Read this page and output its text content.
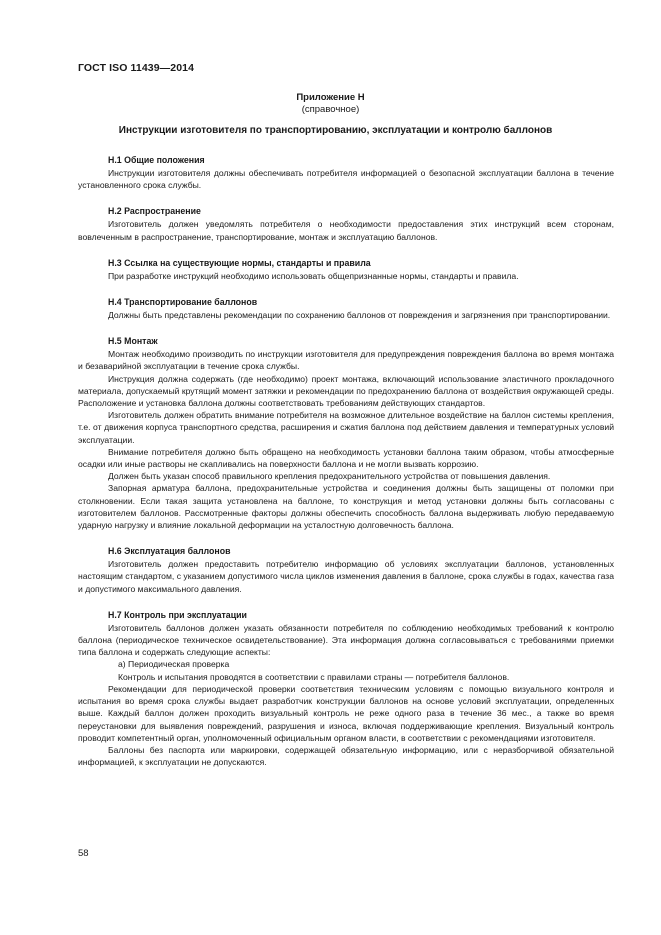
ГОСТ ISO 11439—2014
Приложение Н
(справочное)
Инструкции изготовителя по транспортированию, эксплуатации и контролю баллонов
Н.1 Общие положения

Инструкции изготовителя должны обеспечивать потребителя информацией о безопасной эксплуатации баллона в течение установленного срока службы.

Н.2 Распространение

Изготовитель должен уведомлять потребителя о необходимости предоставления этих инструкций всем сторонам, вовлеченным в распространение, транспортирование, монтаж и эксплуатацию баллонов.

Н.3 Ссылка на существующие нормы, стандарты и правила

При разработке инструкций необходимо использовать общепризнанные нормы, стандарты и правила.

Н.4 Транспортирование баллонов

Должны быть представлены рекомендации по сохранению баллонов от повреждения и загрязнения при транспортировании.

Н.5 Монтаж

Монтаж необходимо производить по инструкции изготовителя для предупреждения повреждения баллона во время монтажа и безаварийной эксплуатации в течение срока службы.

Инструкция должна содержать (где необходимо) проект монтажа, включающий использование эластичного прокладочного материала, допускаемый крутящий момент затяжки и рекомендации по предохранению баллона от воздействия окружающей среды. Расположение и установка баллона должны соответствовать требованиям действующих стандартов.

Изготовитель должен обратить внимание потребителя на возможное длительное воздействие на баллон системы крепления, т.е. от движения корпуса транспортного средства, расширения и сжатия баллона под действием давления и температурных условий эксплуатации.

Внимание потребителя должно быть обращено на необходимость установки баллона таким образом, чтобы атмосферные осадки или иные растворы не скапливались на поверхности баллона и не могли вызвать коррозию.

Должен быть указан способ правильного крепления предохранительного устройства от повышения давления.

Запорная арматура баллона, предохранительные устройства и соединения должны быть защищены от поломки при столкновении. Если такая защита установлена на баллоне, то конструкция и метод установки должны быть согласованы с изготовителем баллонов. Рассмотренные факторы должны обеспечить способность баллона выдерживать любую передаваемую ударную нагрузку и влияние локальной деформации на усталостную долговечность баллона.

Н.6 Эксплуатация баллонов

Изготовитель должен предоставить потребителю информацию об условиях эксплуатации баллонов, установленных настоящим стандартом, с указанием допустимого числа циклов изменения давления в баллоне, срока службы в годах, качества газа и допустимого максимального давления.

Н.7 Контроль при эксплуатации

Изготовитель баллонов должен указать обязанности потребителя по соблюдению необходимых требований к контролю баллона (периодическое техническое освидетельствование). Эта информация должна согласовываться с требованиями приемки типа баллона и содержать следующие аспекты:

а) Периодическая проверка

Контроль и испытания проводятся в соответствии с правилами страны — потребителя баллонов.

Рекомендации для периодической проверки соответствия техническим условиям с помощью визуального контроля и испытания во время срока службы выдает разработчик конструкции баллонов на основе условий эксплуатации, определенных выше. Каждый баллон должен проходить визуальный контроль не реже одного раза в течение 36 мес., а также во время переустановки для выявления повреждений, разрушения и износа, включая поддерживающие крепления. Визуальный контроль проводит компетентный орган, уполномоченный официальным органом власти, в соответствии с рекомендациями изготовителя.

Баллоны без паспорта или маркировки, содержащей обязательную информацию, или с неразборчивой обязательной информацией, к эксплуатации не допускаются.

58
